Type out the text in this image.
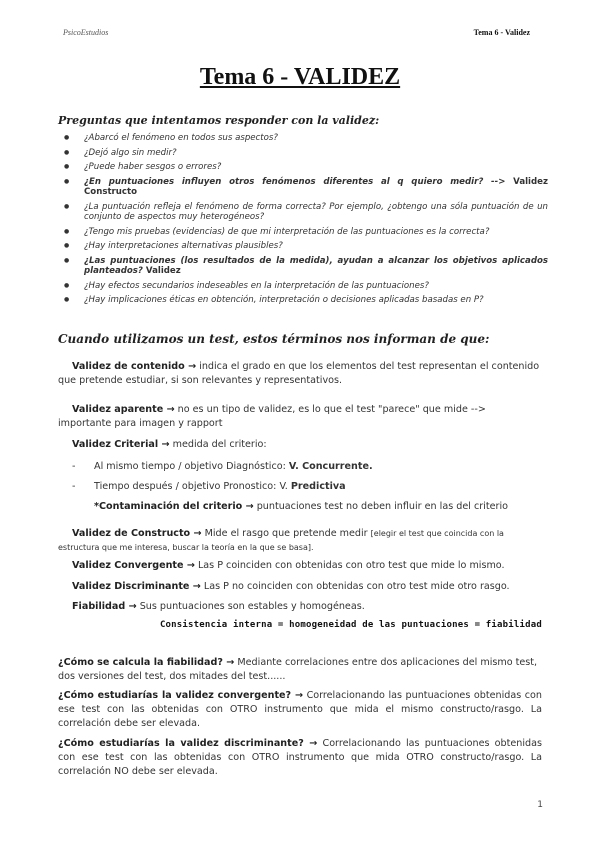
PsicoEstudios	Tema 6 - Validez
Tema 6 - VALIDEZ
Preguntas que intentamos responder con la validez:
● ¿Abarcó el fenómeno en todos sus aspectos?
● ¿Dejó algo sin medir?
● ¿Puede haber sesgos o errores?
● ¿En puntuaciones influyen otros fenómenos diferentes al q quiero medir? --> Validez Constructo
● ¿La puntuación refleja el fenómeno de forma correcta? Por ejemplo, ¿obtengo una sóla puntuación de un conjunto de aspectos muy heterogéneos?
● ¿Tengo mis pruebas (evidencias) de que mi interpretación de las puntuaciones es la correcta?
● ¿Hay interpretaciones alternativas plausibles?
● ¿Las puntuaciones (los resultados de la medida), ayudan a alcanzar los objetivos aplicados planteados? Validez
● ¿Hay efectos secundarios indeseables en la interpretación de las puntuaciones?
● ¿Hay implicaciones éticas en obtención, interpretación o decisiones aplicadas basadas en P?
Cuando utilizamos un test, estos términos nos informan de que:
Validez de contenido → indica el grado en que los elementos del test representan el contenido que pretende estudiar, si son relevantes y representativos.
Validez aparente → no es un tipo de validez, es lo que el test "parece" que mide --> importante para imagen y rapport
Validez Criterial → medida del criterio:
- Al mismo tiempo / objetivo Diagnóstico: V. Concurrente.
- Tiempo después / objetivo Pronostico: V. Predictiva
*Contaminación del criterio → puntuaciones test no deben influir en las del criterio
Validez de Constructo → Mide el rasgo que pretende medir [elegir el test que coincida con la estructura que me interesa, buscar la teoría en la que se basa].
Validez Convergente → Las P coinciden con obtenidas con otro test que mide lo mismo.
Validez Discriminante → Las P no coinciden con obtenidas con otro test mide otro rasgo.
Fiabilidad → Sus puntuaciones son estables y homogéneas.
Consistencia interna = homogeneidad de las puntuaciones = fiabilidad
¿Cómo se calcula la fiabilidad? → Mediante correlaciones entre dos aplicaciones del mismo test, dos versiones del test, dos mitades del test......
¿Cómo estudiarías la validez convergente? → Correlacionando las puntuaciones obtenidas con ese test con las obtenidas con OTRO instrumento que mida el mismo constructo/rasgo. La correlación debe ser elevada.
¿Cómo estudiarías la validez discriminante? → Correlacionando las puntuaciones obtenidas con ese test con las obtenidas con OTRO instrumento que mida OTRO constructo/rasgo. La correlación NO debe ser elevada.
1
